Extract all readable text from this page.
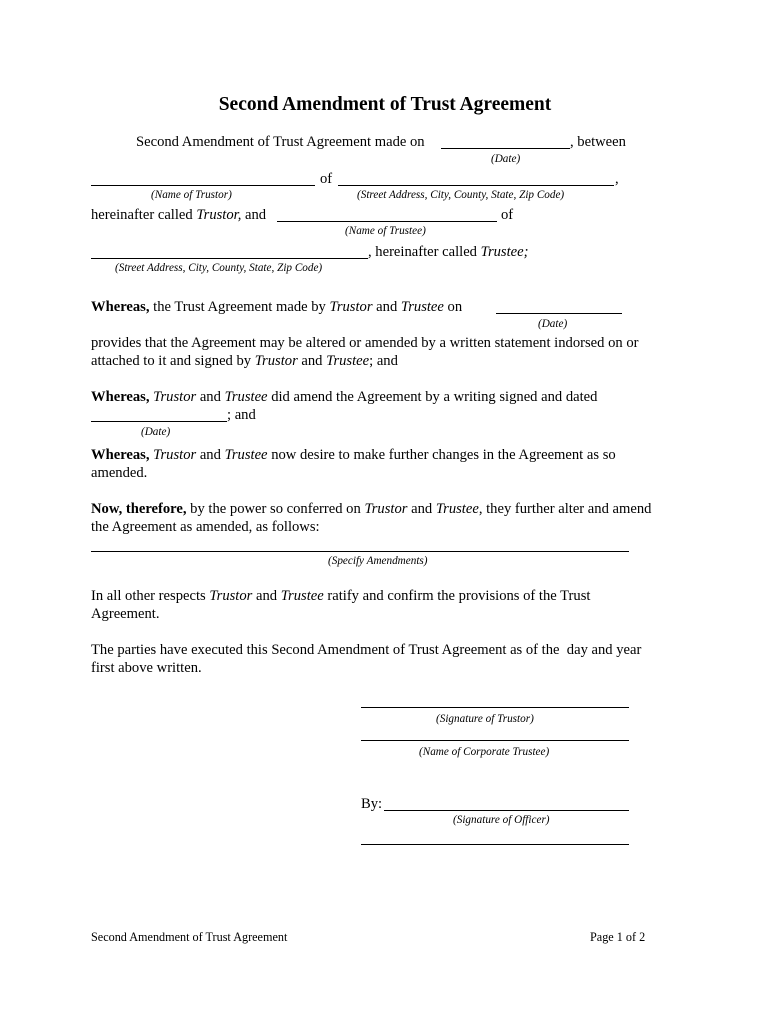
Second Amendment of Trust Agreement
Second Amendment of Trust Agreement made on	, between
(Date)
of	,
(Name of Trustor)	(Street Address, City, County, State, Zip Code)
hereinafter called Trustor, and	of
(Name of Trustee)
, hereinafter called Trustee;
(Street Address, City, County, State, Zip Code)
Whereas, the Trust Agreement made by Trustor and Trustee on
(Date)
provides that the Agreement may be altered or amended by a written statement indorsed on or
attached to it and signed by Trustor and Trustee; and
Whereas, Trustor and Trustee did amend the Agreement by a writing signed and dated
; and
(Date)
Whereas, Trustor and Trustee now desire to make further changes in the Agreement as so
amended.
Now, therefore, by the power so conferred on Trustor and Trustee, they further alter and amend
the Agreement as amended, as follows:
(Specify Amendments)
In all other respects Trustor and Trustee ratify and confirm the provisions of the Trust
Agreement.
The parties have executed this Second Amendment of Trust Agreement as of the  day and year
first above written.
(Signature of Trustor)
(Name of Corporate Trustee)
By:
(Signature of Officer)
Second Amendment of Trust Agreement	Page 1 of 2
